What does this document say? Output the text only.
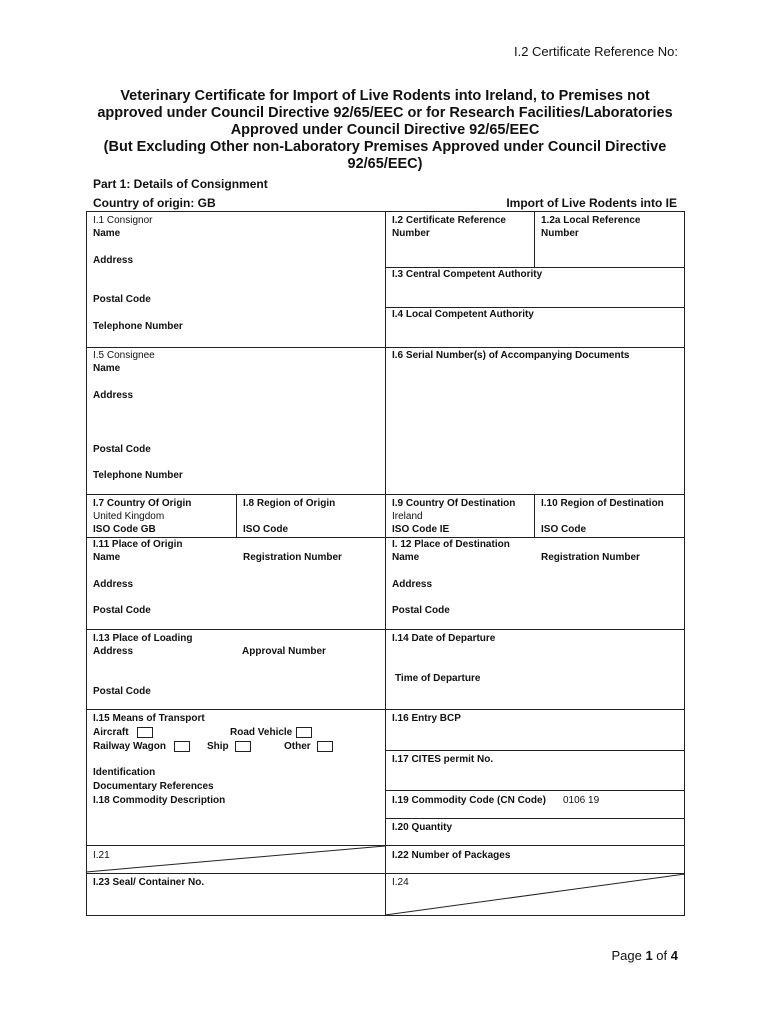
I.2 Certificate Reference No:
Veterinary Certificate for Import of Live Rodents into Ireland, to Premises not
approved under Council Directive 92/65/EEC or for Research Facilities/Laboratories
Approved under Council Directive 92/65/EEC
(But Excluding Other non-Laboratory Premises Approved under Council Directive
92/65/EEC)
Part 1: Details of Consignment
Country of origin: GB	Import of Live Rodents into IE
I.1 Consignor
Name
Address
Postal Code
Telephone Number
I.2 Certificate Reference
Number
1.2a Local Reference
Number
I.3 Central Competent Authority
I.4 Local Competent Authority
I.5 Consignee
Name
Address
Postal Code
Telephone Number
I.6 Serial Number(s) of Accompanying Documents
I.7 Country Of Origin
United Kingdom
ISO Code GB
I.8 Region of Origin
ISO Code
I.9 Country Of Destination
Ireland
ISO Code IE
I.10 Region of Destination
ISO Code
I.11 Place of Origin
Name	Registration Number
Address
Postal Code
I. 12 Place of Destination
Name	Registration Number
Address
Postal Code
I.13 Place of Loading
Address	Approval Number
Postal Code
I.14 Date of Departure
Time of Departure
I.15 Means of Transport
Aircraft	Road Vehicle
Railway Wagon	Ship	Other
Identification
Documentary References
I.16 Entry BCP
I.17 CITES permit No.
I.18 Commodity Description	I.19 Commodity Code (CN Code) 0106 19
I.20 Quantity
I.21	I.22 Number of Packages
I.23 Seal/ Container No.	I.24
Page 1 of 4
